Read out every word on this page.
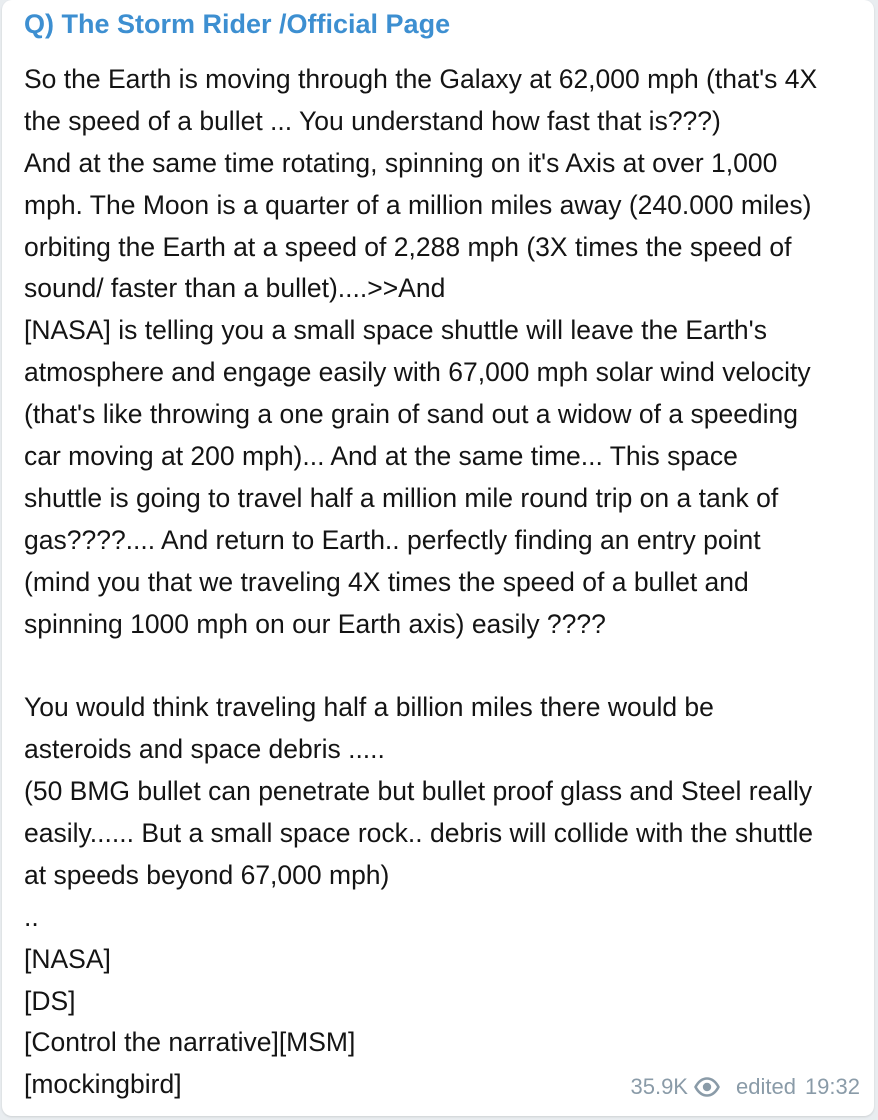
Q) The Storm Rider /Official Page
So the Earth is moving through the Galaxy at 62,000 mph (that's 4X
the speed of a bullet ... You understand how fast that is???)
And at the same time rotating, spinning on it's Axis at over 1,000
mph. The Moon is a quarter of a million miles away (240.000 miles)
orbiting the Earth at a speed of 2,288 mph (3X times the speed of
sound/ faster than a bullet)....>>And
[NASA] is telling you a small space shuttle will leave the Earth's
atmosphere and engage easily with 67,000 mph solar wind velocity
(that's like throwing a one grain of sand out a widow of a speeding
car moving at 200 mph)... And at the same time... This space
shuttle is going to travel half a million mile round trip on a tank of
gas????.... And return to Earth.. perfectly finding an entry point
(mind you that we traveling 4X times the speed of a bullet and
spinning 1000 mph on our Earth axis) easily ????
You would think traveling half a billion miles there would be
asteroids and space debris .....
(50 BMG bullet can penetrate but bullet proof glass and Steel really
easily...... But a small space rock.. debris will collide with the shuttle
at speeds beyond 67,000 mph)
..
[NASA]
[DS]
[Control the narrative][MSM]
[mockingbird]	35.9K edited 19:32
